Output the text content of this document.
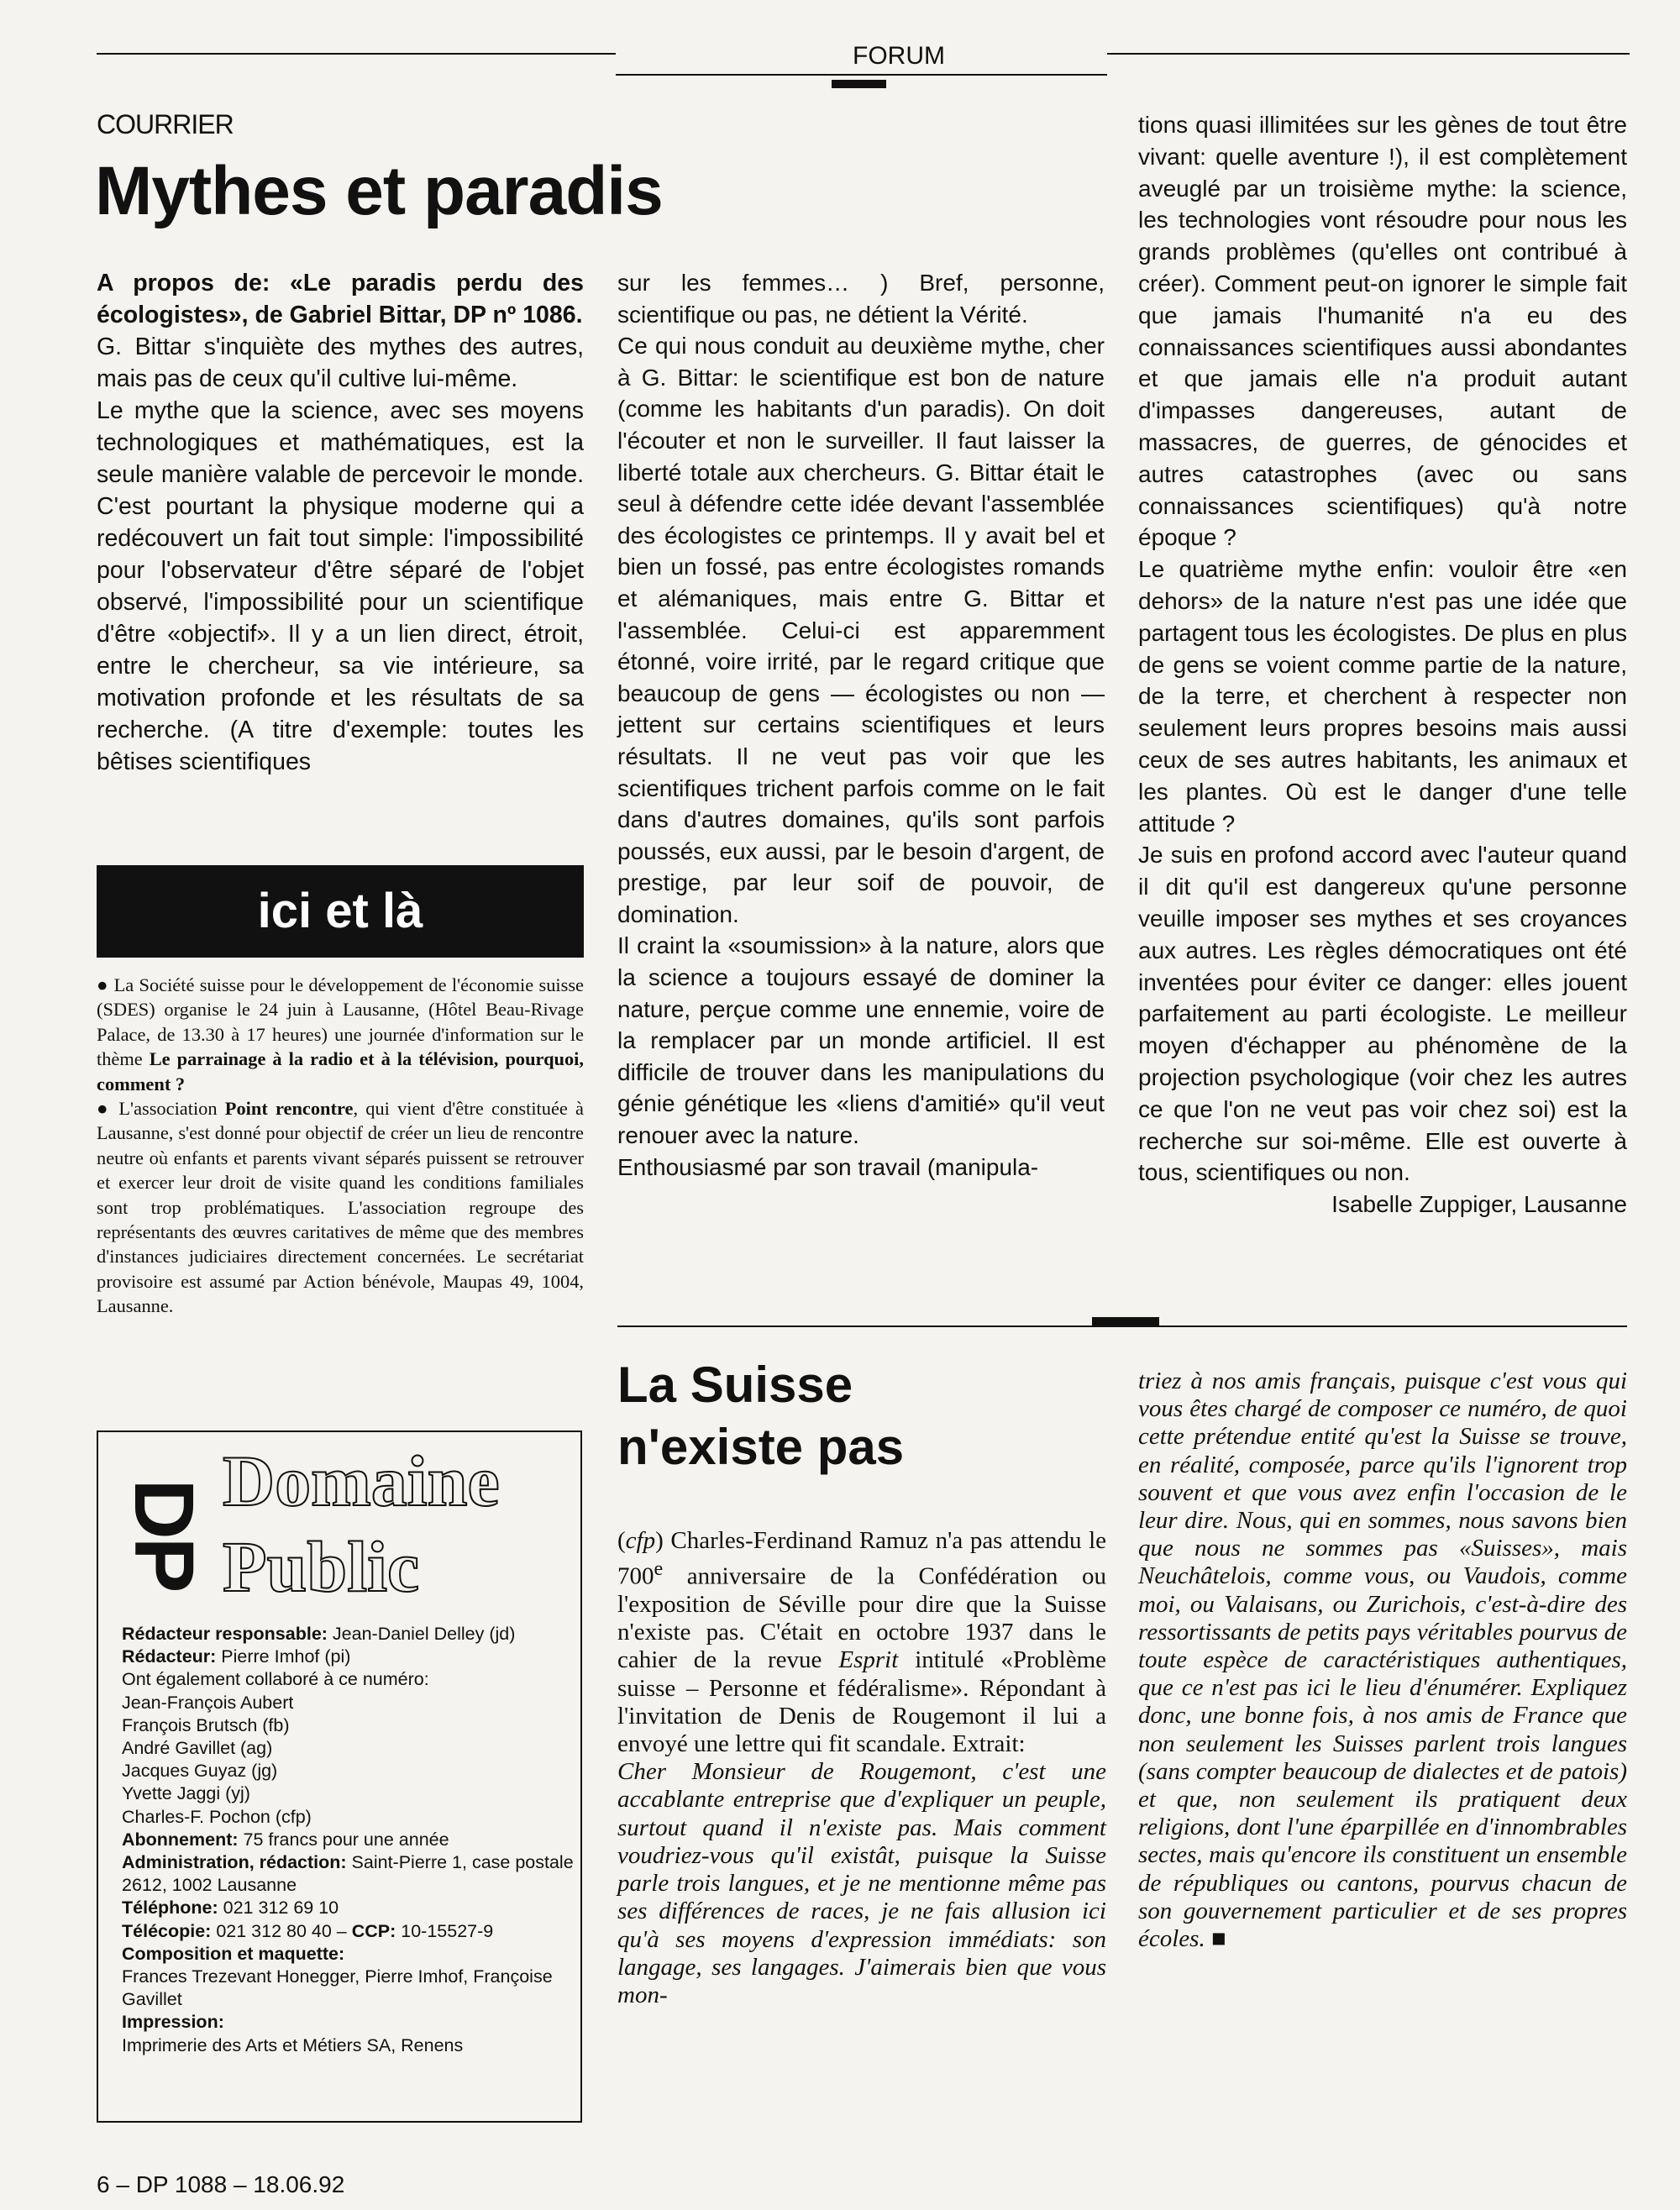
FORUM
COURRIER
Mythes et paradis

A propos de: «Le paradis perdu des écologistes», de Gabriel Bittar, DP nº 1086.

G. Bittar s'inquiète des mythes des autres, mais pas de ceux qu'il cultive lui-même.

Le mythe que la science, avec ses moyens technologiques et mathématiques, est la seule manière valable de percevoir le monde. C'est pourtant la physique moderne qui a redécouvert un fait tout simple: l'impossibilité pour l'observateur d'être séparé de l'objet observé, l'impossibilité pour un scientifique d'être «objectif». Il y a un lien direct, étroit, entre le chercheur, sa vie intérieure, sa motivation profonde et les résultats de sa recherche. (A titre d'exemple: toutes les bêtises scientifiques

sur les femmes… ) Bref, personne, scientifique ou pas, ne détient la Vérité.

Ce qui nous conduit au deuxième mythe, cher à G. Bittar: le scientifique est bon de nature (comme les habitants d'un paradis). On doit l'écouter et non le surveiller. Il faut laisser la liberté totale aux chercheurs. G. Bittar était le seul à défendre cette idée devant l'assemblée des écologistes ce printemps. Il y avait bel et bien un fossé, pas entre écologistes romands et alémaniques, mais entre G. Bittar et l'assemblée. Celui-ci est apparemment étonné, voire irrité, par le regard critique que beaucoup de gens — écologistes ou non — jettent sur certains scientifiques et leurs résultats. Il ne veut pas voir que les scientifiques trichent parfois comme on le fait dans d'autres domaines, qu'ils sont parfois poussés, eux aussi, par le besoin d'argent, de prestige, par leur soif de pouvoir, de domination.

Il craint la «soumission» à la nature, alors que la science a toujours essayé de dominer la nature, perçue comme une ennemie, voire de la remplacer par un monde artificiel. Il est difficile de trouver dans les manipulations du génie génétique les «liens d'amitié» qu'il veut renouer avec la nature.

Enthousiasmé par son travail (manipula-

tions quasi illimitées sur les gènes de tout être vivant: quelle aventure !), il est complètement aveuglé par un troisième mythe: la science, les technologies vont résoudre pour nous les grands problèmes (qu'elles ont contribué à créer). Comment peut-on ignorer le simple fait que jamais l'humanité n'a eu des connaissances scientifiques aussi abondantes et que jamais elle n'a produit autant d'impasses dangereuses, autant de massacres, de guerres, de génocides et autres catastrophes (avec ou sans connaissances scientifiques) qu'à notre époque ?

Le quatrième mythe enfin: vouloir être «en dehors» de la nature n'est pas une idée que partagent tous les écologistes. De plus en plus de gens se voient comme partie de la nature, de la terre, et cherchent à respecter non seulement leurs propres besoins mais aussi ceux de ses autres habitants, les animaux et les plantes. Où est le danger d'une telle attitude ?

Je suis en profond accord avec l'auteur quand il dit qu'il est dangereux qu'une personne veuille imposer ses mythes et ses croyances aux autres. Les règles démocratiques ont été inventées pour éviter ce danger: elles jouent parfaitement au parti écologiste. Le meilleur moyen d'échapper au phénomène de la projection psychologique (voir chez les autres ce que l'on ne veut pas voir chez soi) est la recherche sur soi-même. Elle est ouverte à tous, scientifiques ou non.

Isabelle Zuppiger, Lausanne

ici et là

● La Société suisse pour le développement de l'économie suisse (SDES) organise le 24 juin à Lausanne, (Hôtel Beau-Rivage Palace, de 13.30 à 17 heures) une journée d'information sur le thème Le parrainage à la radio et à la télévision, pourquoi, comment ?

● L'association Point rencontre, qui vient d'être constituée à Lausanne, s'est donné pour objectif de créer un lieu de rencontre neutre où enfants et parents vivant séparés puissent se retrouver et exercer leur droit de visite quand les conditions familiales sont trop problématiques. L'association regroupe des représentants des œuvres caritatives de même que des membres d'instances judiciaires directement concernées. Le secrétariat provisoire est assumé par Action bénévole, Maupas 49, 1004, Lausanne.

DP Domaine
Public

Rédacteur responsable: Jean-Daniel Delley (jd)

Rédacteur: Pierre Imhof (pi)

Ont également collaboré à ce numéro:

Jean-François Aubert

François Brutsch (fb)

André Gavillet (ag)

Jacques Guyaz (jg)

Yvette Jaggi (yj)

Charles-F. Pochon (cfp)

Abonnement: 75 francs pour une année

Administration, rédaction: Saint-Pierre 1, case postale 2612, 1002 Lausanne

Téléphone: 021 312 69 10

Télécopie: 021 312 80 40 – CCP: 10-15527-9

Composition et maquette:

Frances Trezevant Honegger, Pierre Imhof, Françoise Gavillet

Impression:

Imprimerie des Arts et Métiers SA, Renens

La Suisse
n'existe pas

(cfp) Charles-Ferdinand Ramuz n'a pas attendu le 700e anniversaire de la Confédération ou l'exposition de Séville pour dire que la Suisse n'existe pas. C'était en octobre 1937 dans le cahier de la revue Esprit intitulé «Problème suisse – Personne et fédéralisme». Répondant à l'invitation de Denis de Rougemont il lui a envoyé une lettre qui fit scandale. Extrait:

Cher Monsieur de Rougemont, c'est une accablante entreprise que d'expliquer un peuple, surtout quand il n'existe pas. Mais comment voudriez-vous qu'il existât, puisque la Suisse parle trois langues, et je ne mentionne même pas ses différences de races, je ne fais allusion ici qu'à ses moyens d'expression immédiats: son langage, ses langages. J'aimerais bien que vous mon-

triez à nos amis français, puisque c'est vous qui vous êtes chargé de composer ce numéro, de quoi cette prétendue entité qu'est la Suisse se trouve, en réalité, composée, parce qu'ils l'ignorent trop souvent et que vous avez enfin l'occasion de le leur dire. Nous, qui en sommes, nous savons bien que nous ne sommes pas «Suisses», mais Neuchâtelois, comme vous, ou Vaudois, comme moi, ou Valaisans, ou Zurichois, c'est-à-dire des ressortissants de petits pays véritables pourvus de toute espèce de caractéristiques authentiques, que ce n'est pas ici le lieu d'énumérer. Expliquez donc, une bonne fois, à nos amis de France que non seulement les Suisses parlent trois langues (sans compter beaucoup de dialectes et de patois) et que, non seulement ils pratiquent deux religions, dont l'une éparpillée en d'innombrables sectes, mais qu'encore ils constituent un ensemble de républiques ou cantons, pourvus chacun de son gouvernement particulier et de ses propres écoles. ■

6 – DP 1088 – 18.06.92
